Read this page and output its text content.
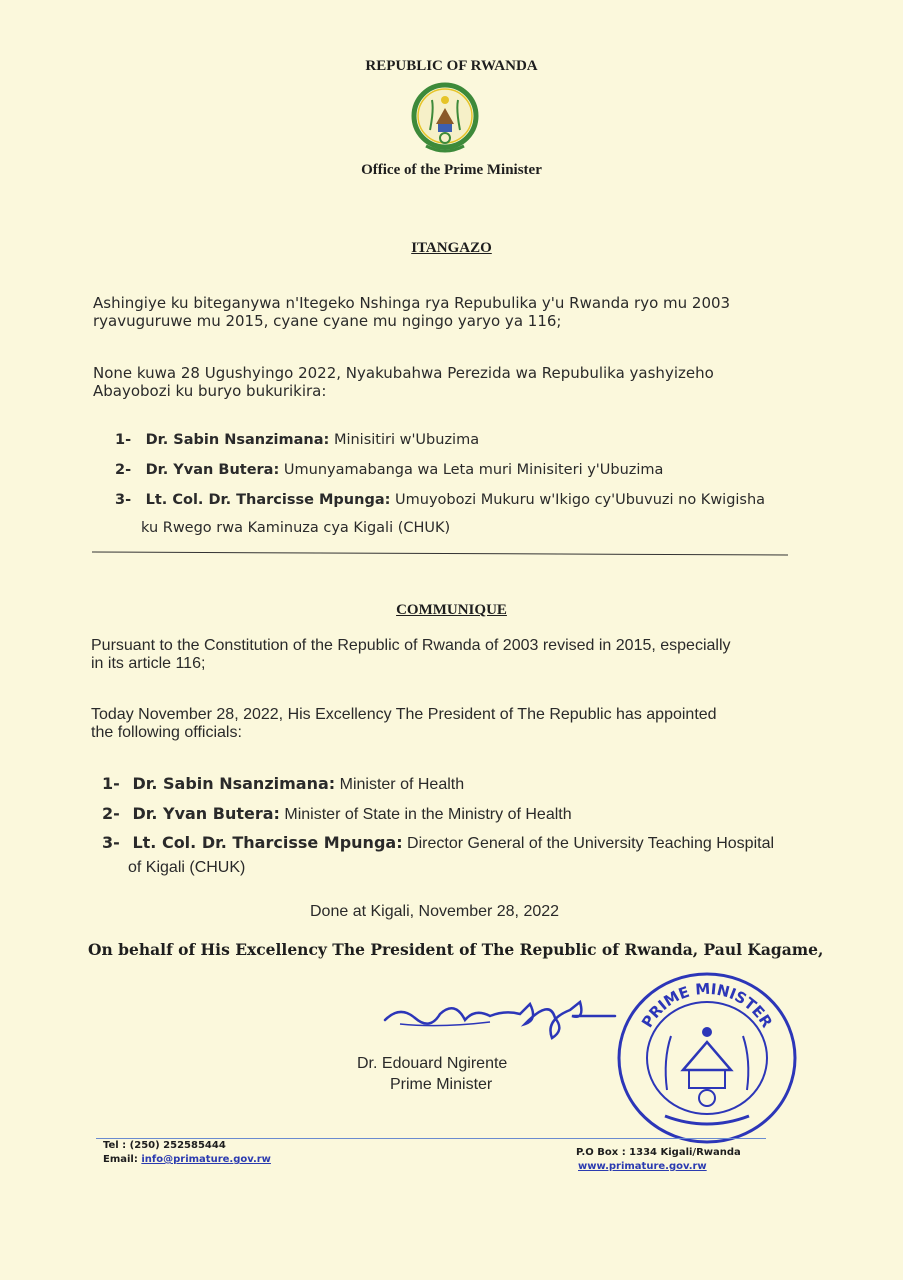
REPUBLIC OF RWANDA
Office of the Prime Minister
ITANGAZO
Ashingiye ku biteganywa n'Itegeko Nshinga rya Repubulika y'u Rwanda ryo mu 2003
ryavuguruwe mu 2015, cyane cyane mu ngingo yaryo ya 116;
None kuwa 28 Ugushyingo 2022, Nyakubahwa Perezida wa Repubulika yashyizeho
Abayobozi ku buryo bukurikira:
1- Dr. Sabin Nsanzimana: Minisitiri w'Ubuzima
2- Dr. Yvan Butera: Umunyamabanga wa Leta muri Minisiteri y'Ubuzima
3- Lt. Col. Dr. Tharcisse Mpunga: Umuyobozi Mukuru w'Ikigo cy'Ubuvuzi no Kwigisha
ku Rwego rwa Kaminuza cya Kigali (CHUK)
COMMUNIQUE
Pursuant to the Constitution of the Republic of Rwanda of 2003 revised in 2015, especially
in its article 116;
Today November 28, 2022, His Excellency The President of The Republic has appointed
the following officials:
1- Dr. Sabin Nsanzimana: Minister of Health
2- Dr. Yvan Butera: Minister of State in the Ministry of Health
3- Lt. Col. Dr. Tharcisse Mpunga: Director General of the University Teaching Hospital
of Kigali (CHUK)
Done at Kigali, November 28, 2022
On behalf of His Excellency The President of The Republic of Rwanda, Paul Kagame,
Dr. Edouard Ngirente
Prime Minister
PRIME MINISTER
Tel : (250) 252585444
Email: info@primature.gov.rw
P.O Box : 1334 Kigali/Rwanda
www.primature.gov.rw
